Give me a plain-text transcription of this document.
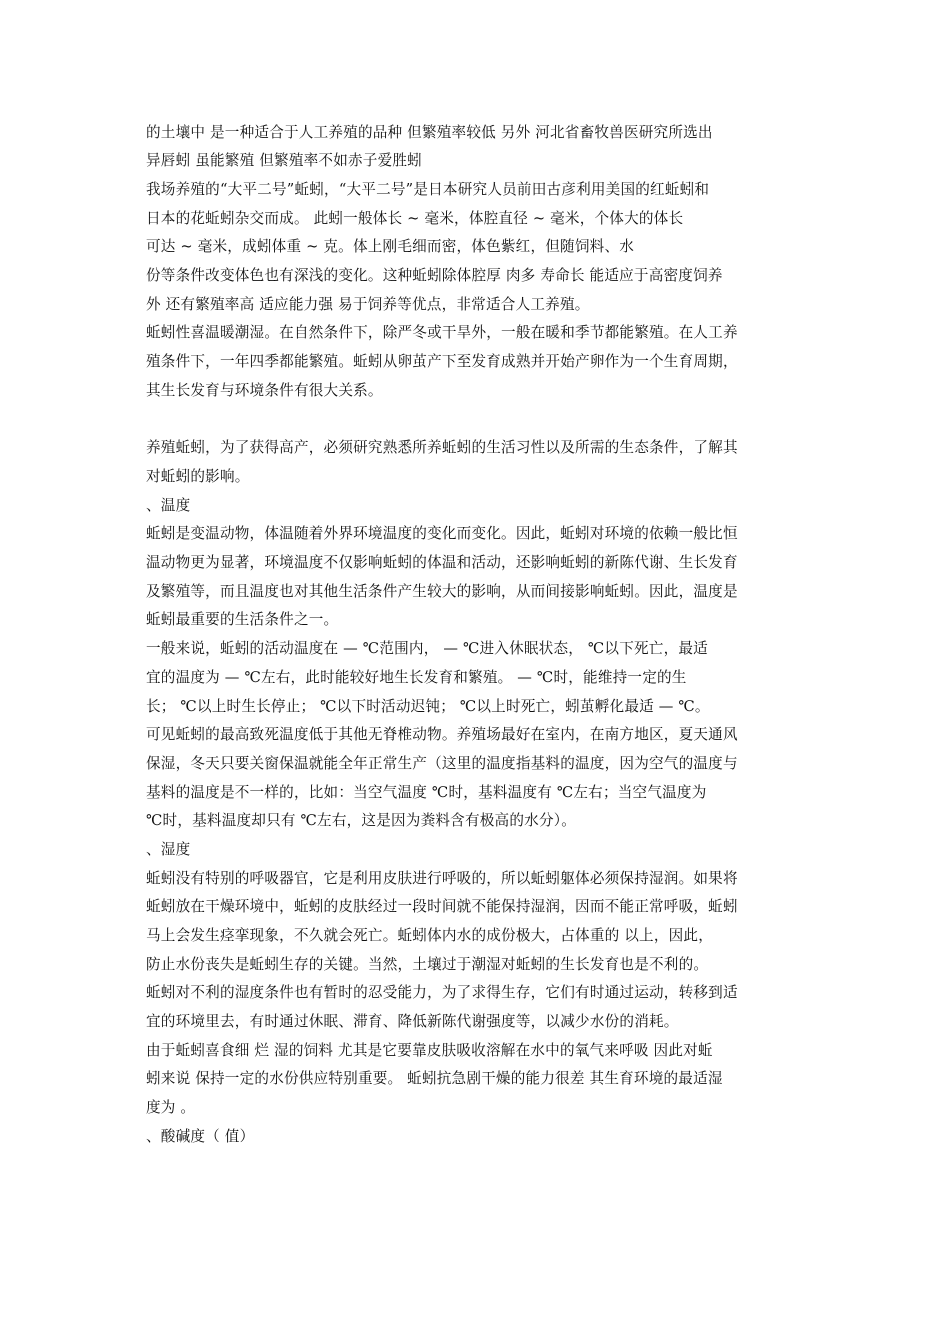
的土壤中 是一种适合于人工养殖的品种 但繁殖率较低 另外 河北省畜牧兽医研究所选出
异唇蚓 虽能繁殖 但繁殖率不如赤子爱胜蚓
我场养殖的“大平二号”蚯蚓，“大平二号”是日本研究人员前田古彦利用美国的红蚯蚓和
日本的花蚯蚓杂交而成。 此蚓一般体长 ~ 毫米，体腔直径 ~ 毫米，个体大的体长
可达 ~ 毫米，成蚓体重 ~ 克。体上刚毛细而密，体色紫红，但随饲料、水
份等条件改变体色也有深浅的变化。这种蚯蚓除体腔厚 肉多 寿命长 能适应于高密度饲养
外 还有繁殖率高 适应能力强 易于饲养等优点，非常适合人工养殖。
蚯蚓性喜温暖潮湿。在自然条件下，除严冬或干旱外，一般在暖和季节都能繁殖。在人工养
殖条件下，一年四季都能繁殖。蚯蚓从卵茧产下至发育成熟并开始产卵作为一个生育周期，
其生长发育与环境条件有很大关系。
养殖蚯蚓，为了获得高产，必须研究熟悉所养蚯蚓的生活习性以及所需的生态条件，了解其
对蚯蚓的影响。
、温度
蚯蚓是变温动物，体温随着外界环境温度的变化而变化。因此，蚯蚓对环境的依赖一般比恒
温动物更为显著，环境温度不仅影响蚯蚓的体温和活动，还影响蚯蚓的新陈代谢、生长发育
及繁殖等，而且温度也对其他生活条件产生较大的影响，从而间接影响蚯蚓。因此，温度是
蚯蚓最重要的生活条件之一。
一般来说，蚯蚓的活动温度在 — ℃范围内， — ℃进入休眠状态， ℃以下死亡，最适
宜的温度为 — ℃左右，此时能较好地生长发育和繁殖。 — ℃时，能维持一定的生
长； ℃以上时生长停止； ℃以下时活动迟钝； ℃以上时死亡，蚓茧孵化最适 — ℃。
可见蚯蚓的最高致死温度低于其他无脊椎动物。养殖场最好在室内，在南方地区，夏天通风
保湿，冬天只要关窗保温就能全年正常生产（这里的温度指基料的温度，因为空气的温度与
基料的温度是不一样的，比如：当空气温度 ℃时，基料温度有 ℃左右；当空气温度为
℃时，基料温度却只有 ℃左右，这是因为粪料含有极高的水分）。
、湿度
蚯蚓没有特别的呼吸器官，它是利用皮肤进行呼吸的，所以蚯蚓躯体必须保持湿润。如果将
蚯蚓放在干燥环境中，蚯蚓的皮肤经过一段时间就不能保持湿润，因而不能正常呼吸，蚯蚓
马上会发生痉挛现象，不久就会死亡。蚯蚓体内水的成份极大，占体重的 以上，因此，
防止水份丧失是蚯蚓生存的关键。当然，土壤过于潮湿对蚯蚓的生长发育也是不利的。
蚯蚓对不利的湿度条件也有暂时的忍受能力，为了求得生存，它们有时通过运动，转移到适
宜的环境里去，有时通过休眠、滞育、降低新陈代谢强度等，以减少水份的消耗。
由于蚯蚓喜食细 烂 湿的饲料 尤其是它要靠皮肤吸收溶解在水中的氧气来呼吸 因此对蚯
蚓来说 保持一定的水份供应特别重要。 蚯蚓抗急剧干燥的能力很差 其生育环境的最适湿
度为 。
、酸碱度（ 值）
